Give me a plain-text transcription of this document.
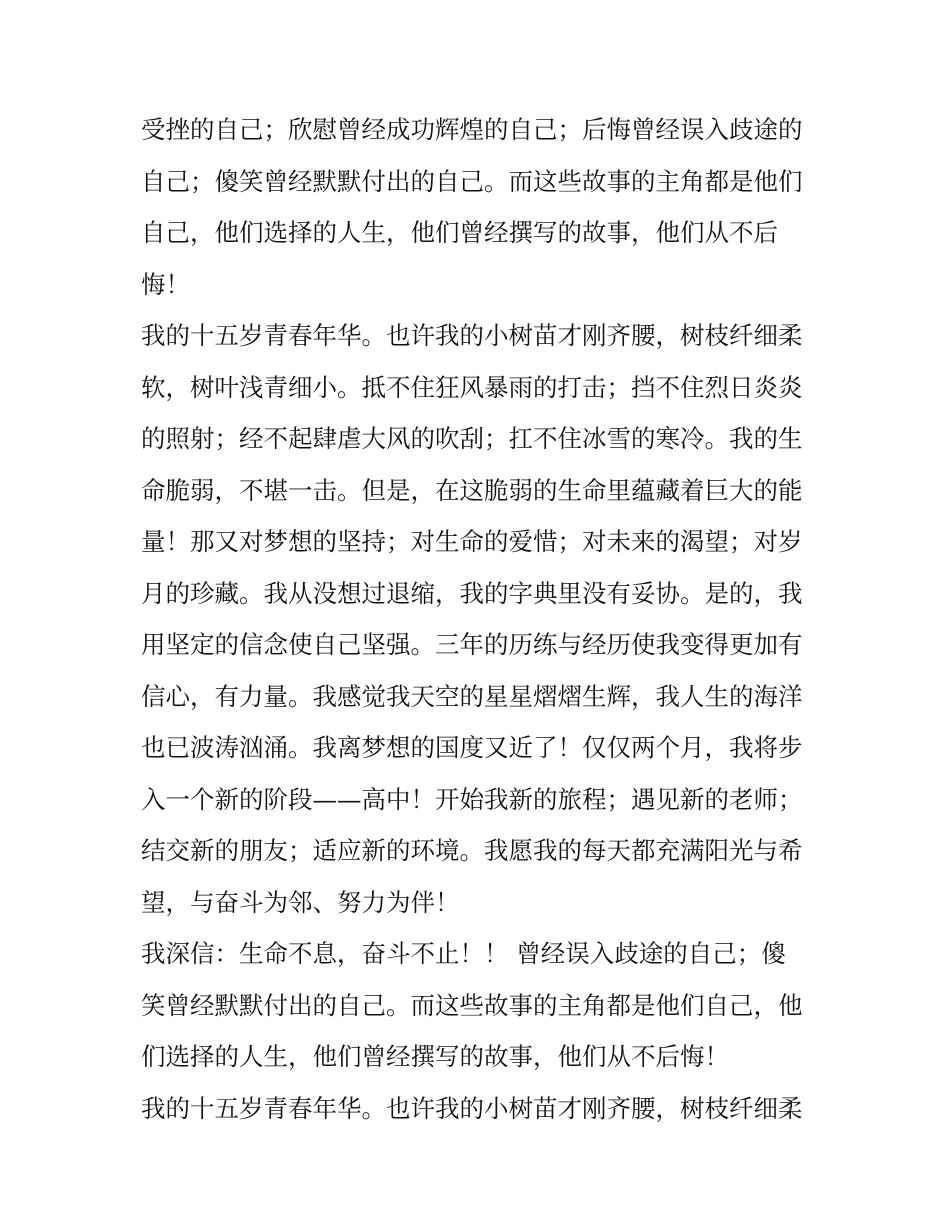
受挫的自己；欣慰曾经成功辉煌的自己；后悔曾经误入歧途的
自己；傻笑曾经默默付出的自己。而这些故事的主角都是他们
自己，他们选择的人生，他们曾经撰写的故事，他们从不后
悔！
我的十五岁青春年华。也许我的小树苗才刚齐腰，树枝纤细柔
软，树叶浅青细小。抵不住狂风暴雨的打击；挡不住烈日炎炎
的照射；经不起肆虐大风的吹刮；扛不住冰雪的寒冷。我的生
命脆弱，不堪一击。但是，在这脆弱的生命里蕴藏着巨大的能
量！那又对梦想的坚持；对生命的爱惜；对未来的渴望；对岁
月的珍藏。我从没想过退缩，我的字典里没有妥协。是的，我
用坚定的信念使自己坚强。三年的历练与经历使我变得更加有
信心，有力量。我感觉我天空的星星熠熠生辉，我人生的海洋
也已波涛汹涌。我离梦想的国度又近了！仅仅两个月，我将步
入一个新的阶段——高中！开始我新的旅程；遇见新的老师；
结交新的朋友；适应新的环境。我愿我的每天都充满阳光与希
望，与奋斗为邻、努力为伴！
我深信：生命不息，奋斗不止！！ 曾经误入歧途的自己；傻
笑曾经默默付出的自己。而这些故事的主角都是他们自己，他
们选择的人生，他们曾经撰写的故事，他们从不后悔！
我的十五岁青春年华。也许我的小树苗才刚齐腰，树枝纤细柔
